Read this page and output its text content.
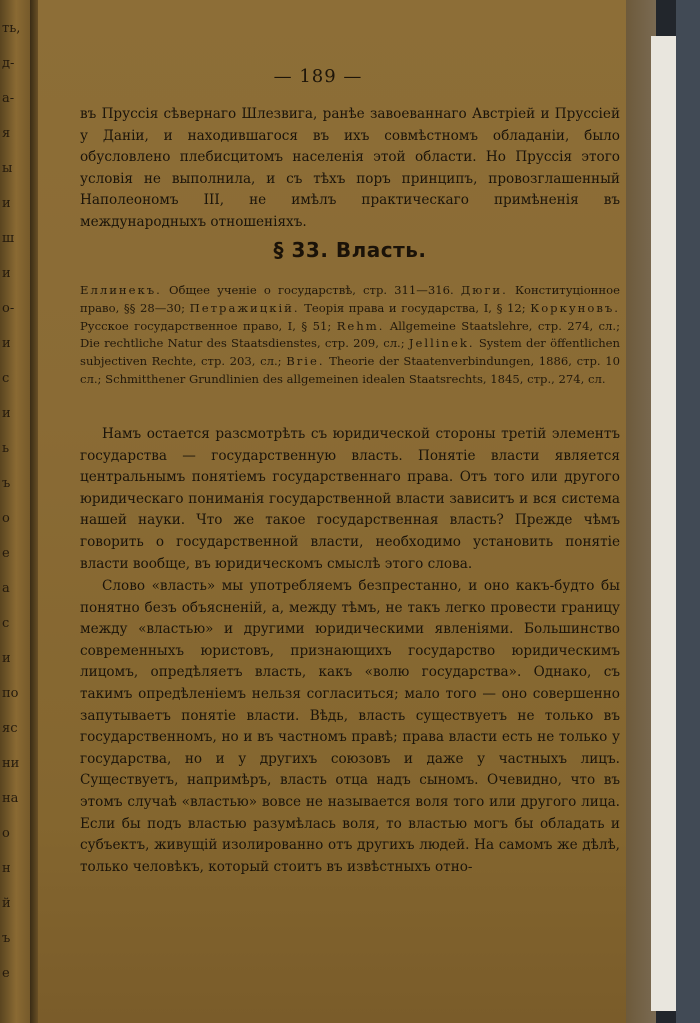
ть,
д-
а-
я
ы
и
ш
и
о-
и
с
и
ь
ъ
о
е
а
с
и
по
яс
ни
на
о
н
й
ъ
е
— 189 —
въ Пруссія сѣвернаго Шлезвига, ранѣе завоеваннаго Австріей и Пруссіей у Даніи, и находившагося въ ихъ совмѣстномъ обладаніи, было обусловлено плебисцитомъ населенія этой области. Но Пруссія этого условія не выполнила, и съ тѣхъ поръ принципъ, провозглашенный Наполеономъ III, не имѣлъ практическаго примѣненія въ международныхъ отношеніяхъ.
§ 33. Власть.
Еллинекъ. Общее ученіе о государствѣ, стр. 311—316. Дюги. Конституціонное право, §§ 28—30; Петражицкій. Теорія права и государства, I, § 12; Коркуновъ. Русское государственное право, I, § 51; Rehm. Allgemeine Staatslehre, стр. 274, сл.; Die rechtliche Natur des Staatsdienstes, стр. 209, сл.; Jellinek. System der öffentlichen subjectiven Rechte, стр. 203, сл.; Brie. Theorie der Staatenverbindungen, 1886, стр. 10 сл.; Schmitthener Grundlinien des allgemeinen idealen Staatsrechts, 1845, стр., 274, сл.
Намъ остается разсмотрѣть съ юридической стороны третій элементъ государства — государственную власть. Понятіе власти является центральнымъ понятіемъ государственнаго права. Отъ того или другого юридическаго пониманія государственной власти зависитъ и вся система нашей науки. Что же такое государственная власть? Прежде чѣмъ говорить о государственной власти, необходимо установить понятіе власти вообще, въ юридическомъ смыслѣ этого слова.
Слово «власть» мы употребляемъ безпрестанно, и оно какъ-будто бы понятно безъ объясненій, а, между тѣмъ, не такъ легко провести границу между «властью» и другими юридическими явленіями. Большинство современныхъ юристовъ, признающихъ государство юридическимъ лицомъ, опредѣляетъ власть, какъ «волю государства». Однако, съ такимъ опредѣленіемъ нельзя согласиться; мало того — оно совершенно запутываетъ понятіе власти. Вѣдь, власть существуетъ не только въ государственномъ, но и въ частномъ правѣ; права власти есть не только у государства, но и у другихъ союзовъ и даже у частныхъ лицъ. Существуетъ, напримѣръ, власть отца надъ сыномъ. Очевидно, что въ этомъ случаѣ «властью» вовсе не называется воля того или другого лица. Если бы подъ властью разумѣлась воля, то властью могъ бы обладать и субъектъ, живущій изолированно отъ другихъ людей. На самомъ же дѣлѣ, только человѣкъ, который стоитъ въ извѣстныхъ отно-
